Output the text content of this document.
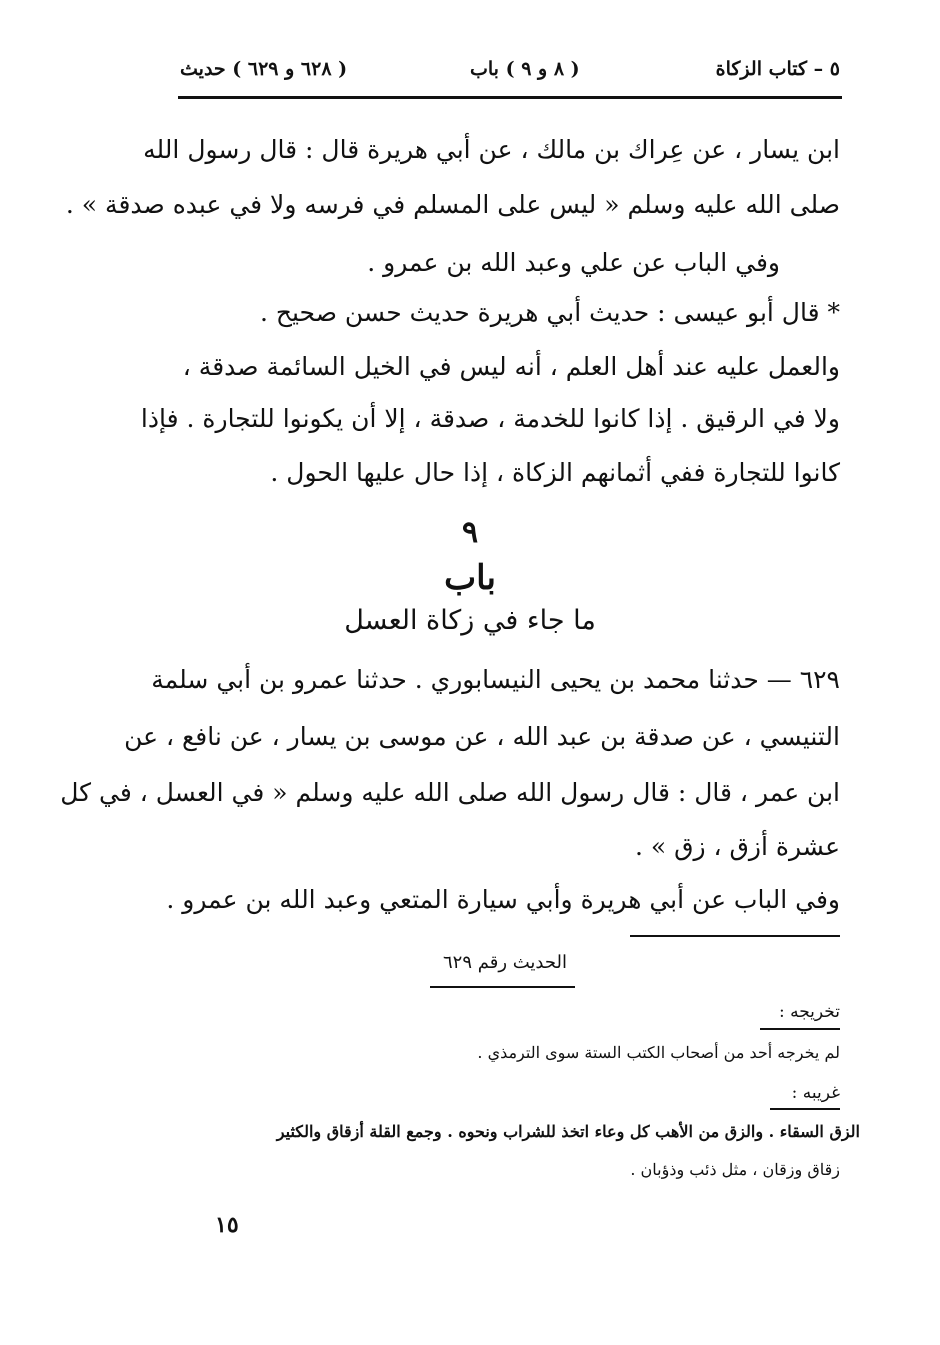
٥ – كتاب الزكاة
( ٨ و ٩ ) باب
( ٦٢٨ و ٦٢٩ ) حديث
ابن يسار ، عن عِراك بن مالك ، عن أبي هريرة قال : قال رسول الله
صلى الله عليه وسلم « ليس على المسلم في فرسه ولا في عبده صدقة » .
وفي الباب عن علي وعبد الله بن عمرو .
* قال أبو عيسى : حديث أبي هريرة حديث حسن صحيح .
والعمل عليه عند أهل العلم ، أنه ليس في الخيل السائمة صدقة ،
ولا في الرقيق . إذا كانوا للخدمة ، صدقة ، إلا أن يكونوا للتجارة . فإذا
كانوا للتجارة ففي أثمانهم الزكاة ، إذا حال عليها الحول .
٩
باب
ما جاء في زكاة العسل
٦٢٩ — حدثنا محمد بن يحيى النيسابوري . حدثنا عمرو بن أبي سلمة
التنيسي ، عن صدقة بن عبد الله ، عن موسى بن يسار ، عن نافع ، عن
ابن عمر ، قال : قال رسول الله صلى الله عليه وسلم « في العسل ، في كل
عشرة أزق ، زق » .
وفي الباب عن أبي هريرة وأبي سيارة المتعي وعبد الله بن عمرو .
الحديث رقم ٦٢٩
تخريجه :
لم يخرجه أحد من أصحاب الكتب الستة سوى الترمذي .
غريبه :
الزق السقاء . والزق من الأهب كل وعاء اتخذ للشراب ونحوه . وجمع القلة أزقاق والكثير
زقاق وزقان ، مثل ذئب وذؤبان .
١٥
